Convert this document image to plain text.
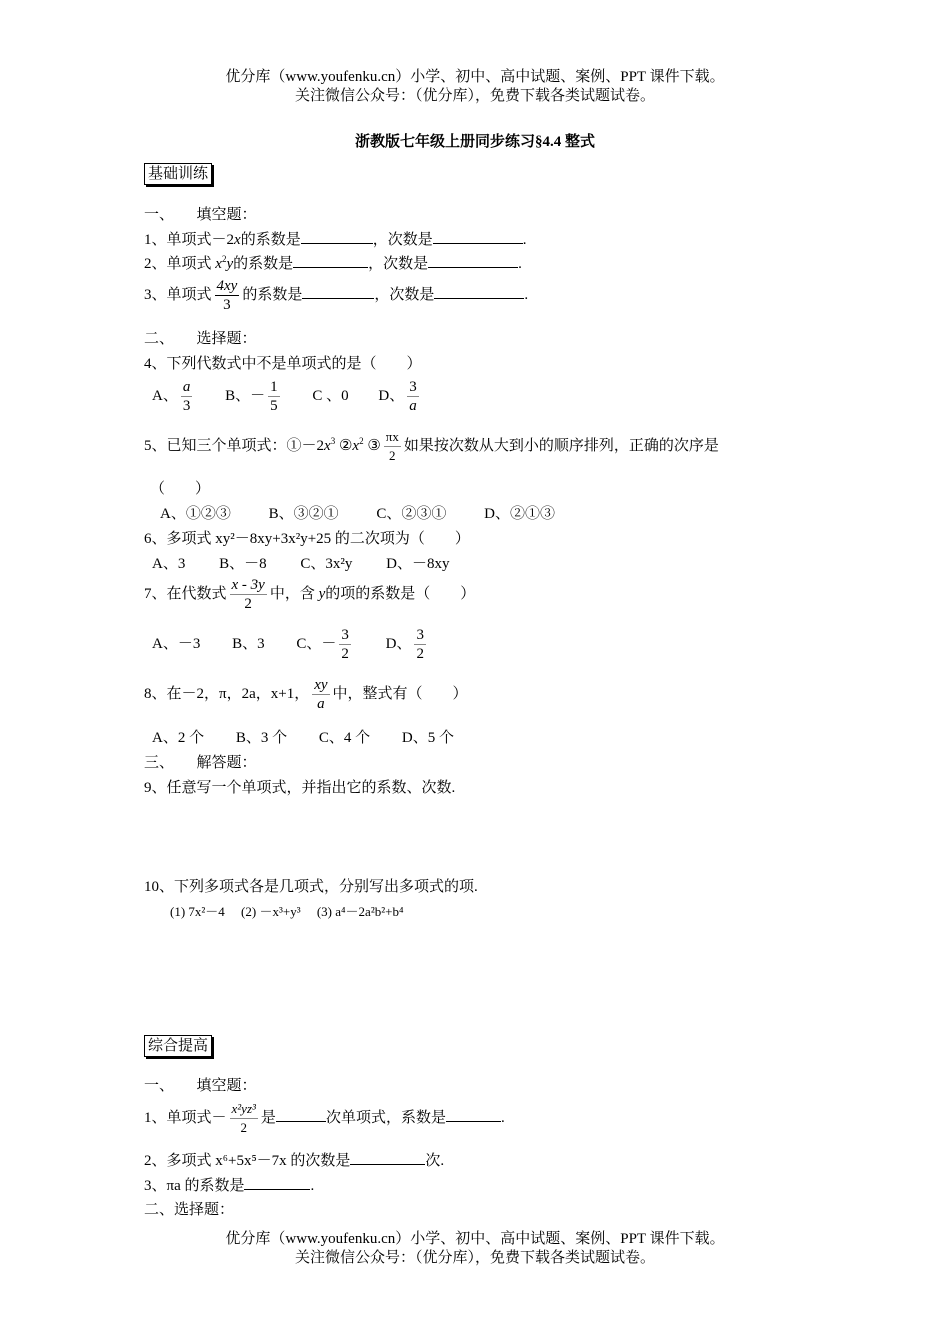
优分库（www.youfenku.cn）小学、初中、高中试题、案例、PPT 课件下载。
关注微信公众号：（优分库），免费下载各类试题试卷。
浙教版七年级上册同步练习§4.4 整式
基础训练
一、　　填空题：
1、单项式－2x的系数是	，次数是	.
2、单项式 $x^2y$的系数是	，次数是	.
3、单项式 $\frac{4xy}{3}$ 的系数是	，次数是	.
二、　　选择题：
4、下列代数式中不是单项式的是（　　）
A、 $\frac{a}{3}$ B、－ $\frac{1}{5}$ C 、0 D、 $\frac{3}{a}$
5、已知三个单项式：$①-2x^3$ $②x^2$ ③ $\frac{\pi x}{2}$ 如果按次数从大到小的顺序排列，正确的次序是
（　　）
A、①②③	B、③②①	C、②③①	D、②①③
6、多项式 xy²－8xy+3x²y+25 的二次项为（　　）
A、3 B、－8 C、3x²y D、－8xy
7、在代数式 $\frac{x - 3y}{2}$ 中，含 y的项的系数是（　　）
A、－3 B、3 C、－ $\frac{3}{2}$ D、 $\frac{3}{2}$
8、在－2，π，2a，x+1， $\frac{xy}{a}$ 中，整式有（　　）
A、2 个 B、3 个 C、4 个 D、5 个
三、　　解答题：
9、任意写一个单项式，并指出它的系数、次数.
10、下列多项式各是几项式，分别写出多项式的项.
(1) 7x²－4　 (2) －x³+y³　 (3) a⁴－2a²b²+b⁴
综合提高
一、　　填空题：
1、单项式－ $\frac{\text{x²yz³}}{2}$ 是	次单项式，系数是	.
2、多项式 x⁶+5x⁵－7x 的次数是	次.
3、πa 的系数是	.
二、选择题：
优分库（www.youfenku.cn）小学、初中、高中试题、案例、PPT 课件下载。
关注微信公众号：（优分库），免费下载各类试题试卷。
